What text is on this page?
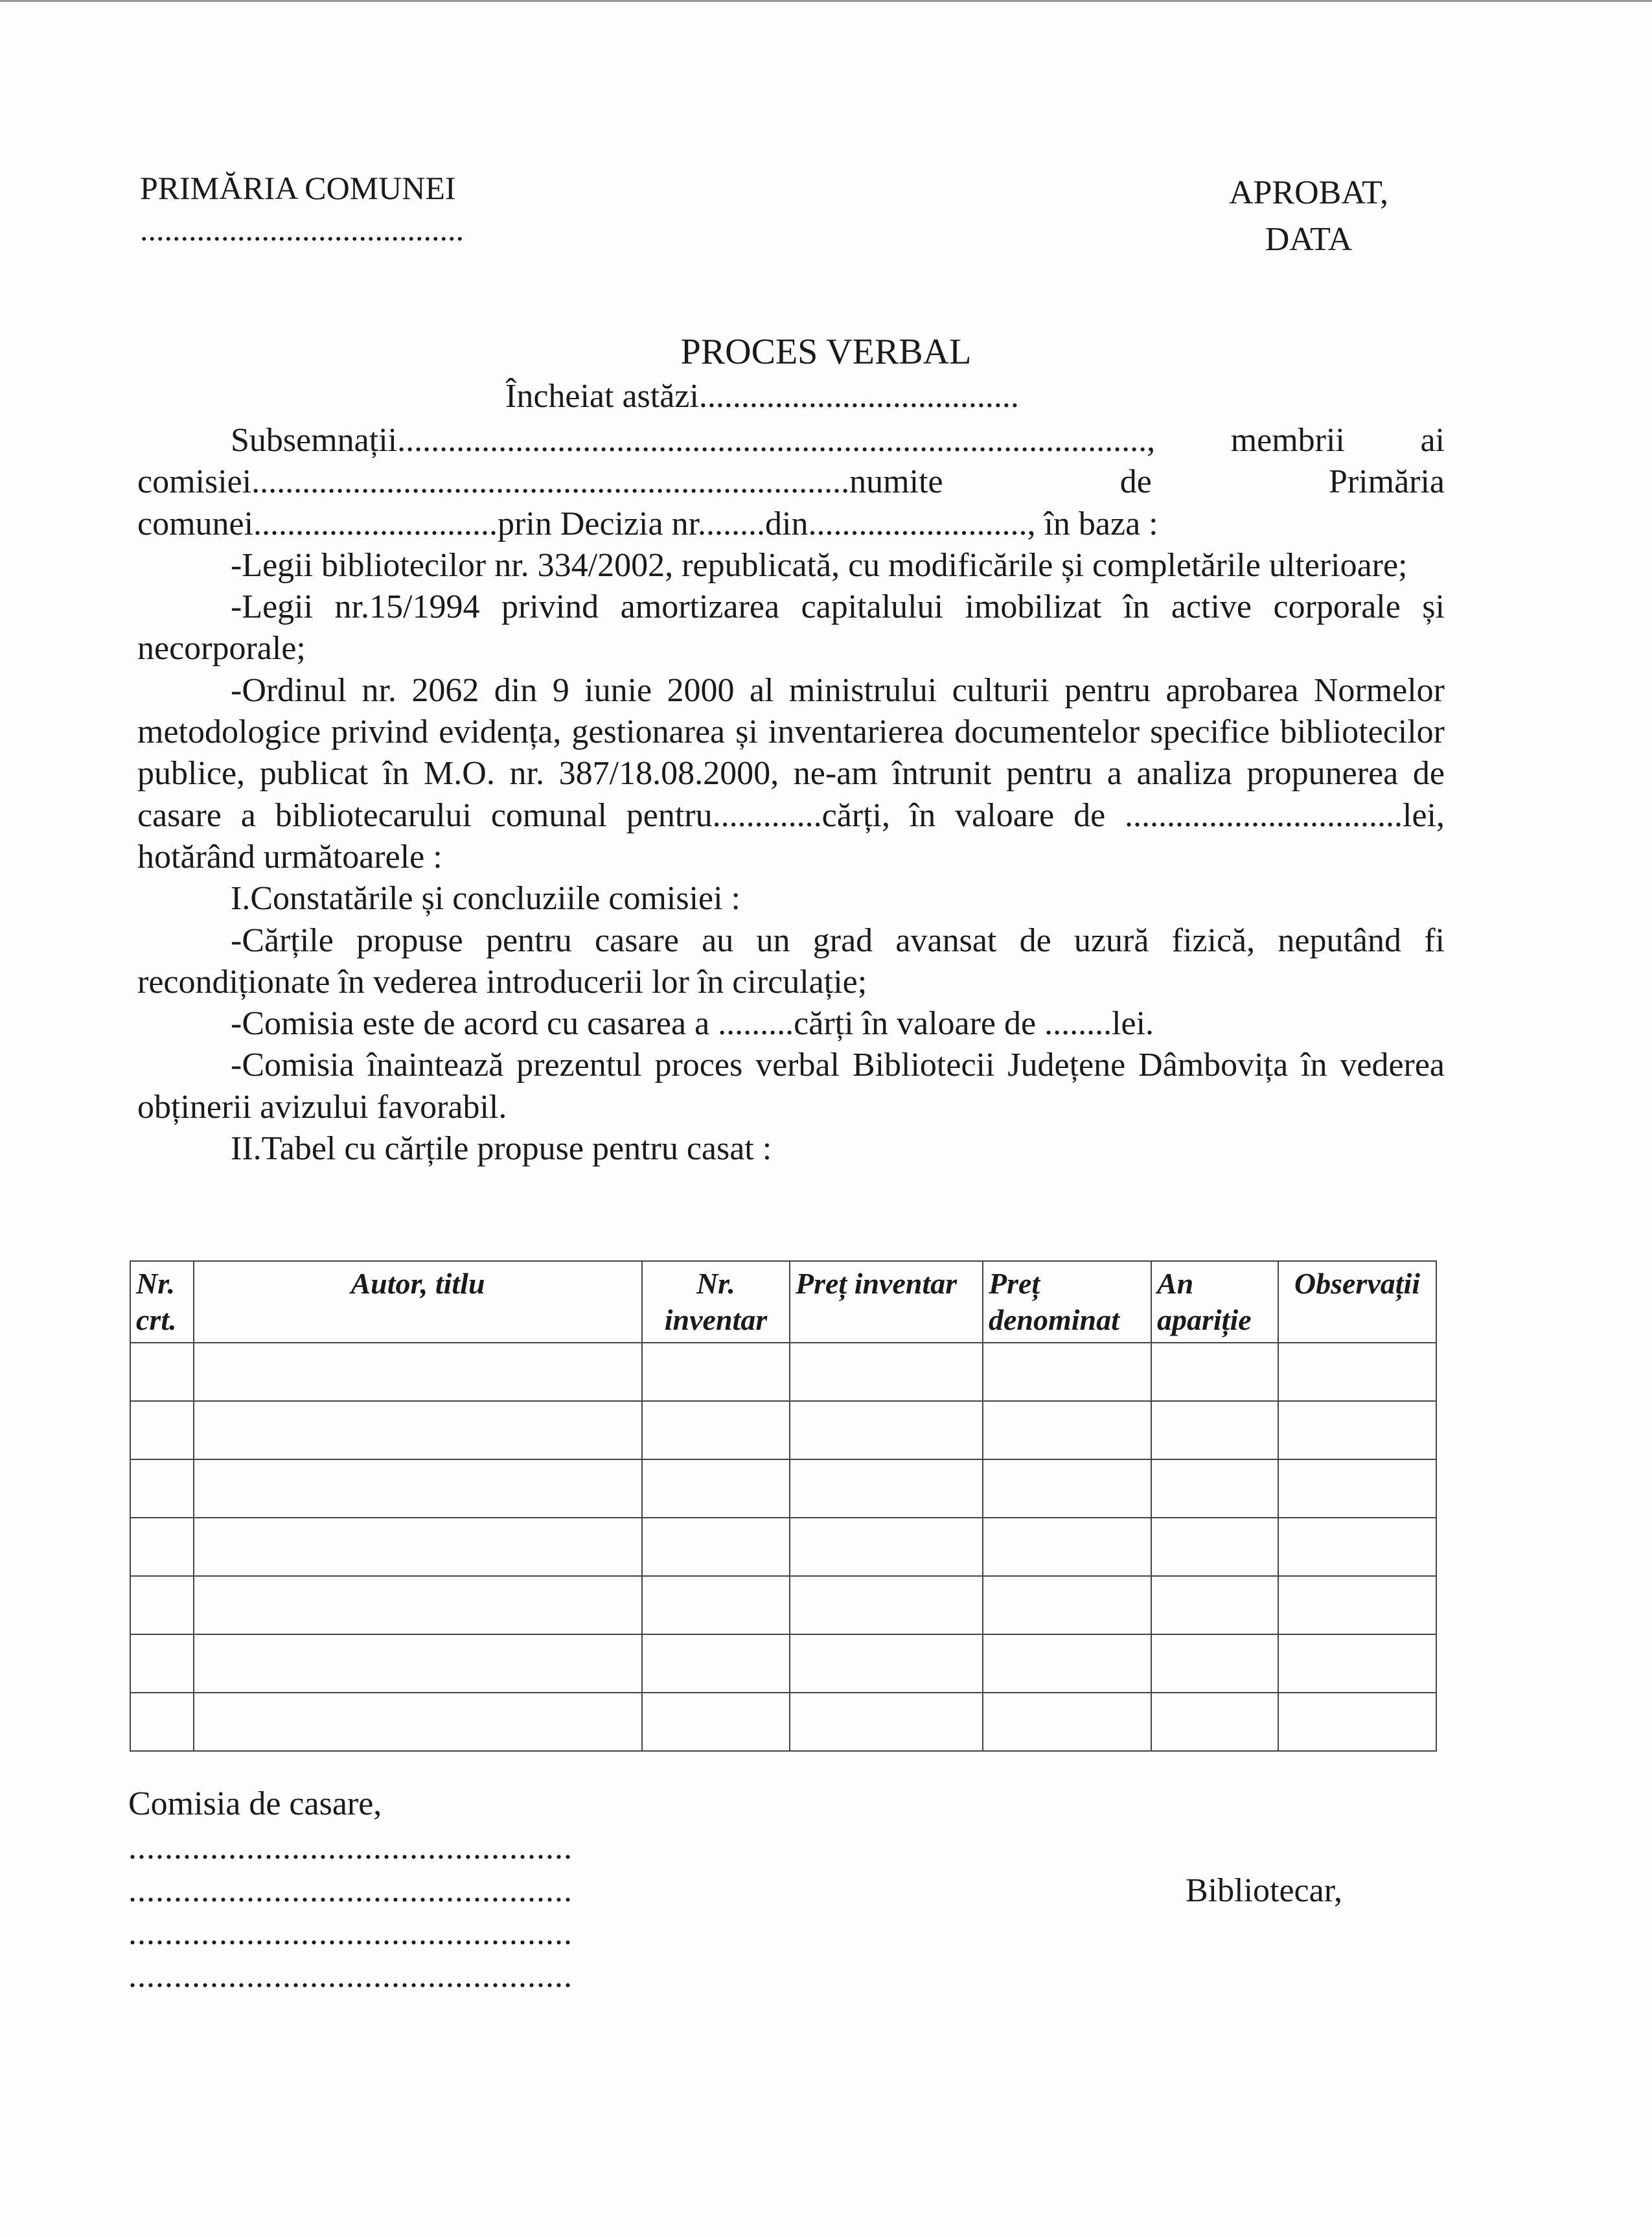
PRIMĂRIA COMUNEI
........................................
APROBAT,
DATA
PROCES VERBAL
Încheiat astăzi......................................

Subsemnații........................................................................................., membrii ai comisiei.......................................................................numite de Primăria comunei.............................prin Decizia nr........din.........................., în baza :

-Legii bibliotecilor nr. 334/2002, republicată, cu modificările și completările ulterioare;

-Legii nr.15/1994 privind amortizarea capitalului imobilizat în active corporale și necorporale;

-Ordinul nr. 2062 din 9 iunie 2000 al ministrului culturii pentru aprobarea Normelor metodologice privind evidența, gestionarea și inventarierea documentelor specifice bibliotecilor publice, publicat în M.O. nr. 387/18.08.2000, ne-am întrunit pentru a analiza propunerea de casare a bibliotecarului comunal pentru.............cărți, în valoare de .................................lei, hotărând următoarele :

I.Constatările și concluziile comisiei :

-Cărțile propuse pentru casare au un grad avansat de uzură fizică, neputând fi recondiționate în vederea introducerii lor în circulație;

-Comisia este de acord cu casarea a .........cărți în valoare de ........lei.

-Comisia înaintează prezentul proces verbal Bibliotecii Județene Dâmbovița în vederea obținerii avizului favorabil.

II.Tabel cu cărțile propuse pentru casat :

Nr. crt.	Autor, titlu	Nr. inventar	Preț inventar	Preț denominat	An apariție	Observații

Comisia de casare,
.................................................
.................................................
.................................................
.................................................
Bibliotecar,
